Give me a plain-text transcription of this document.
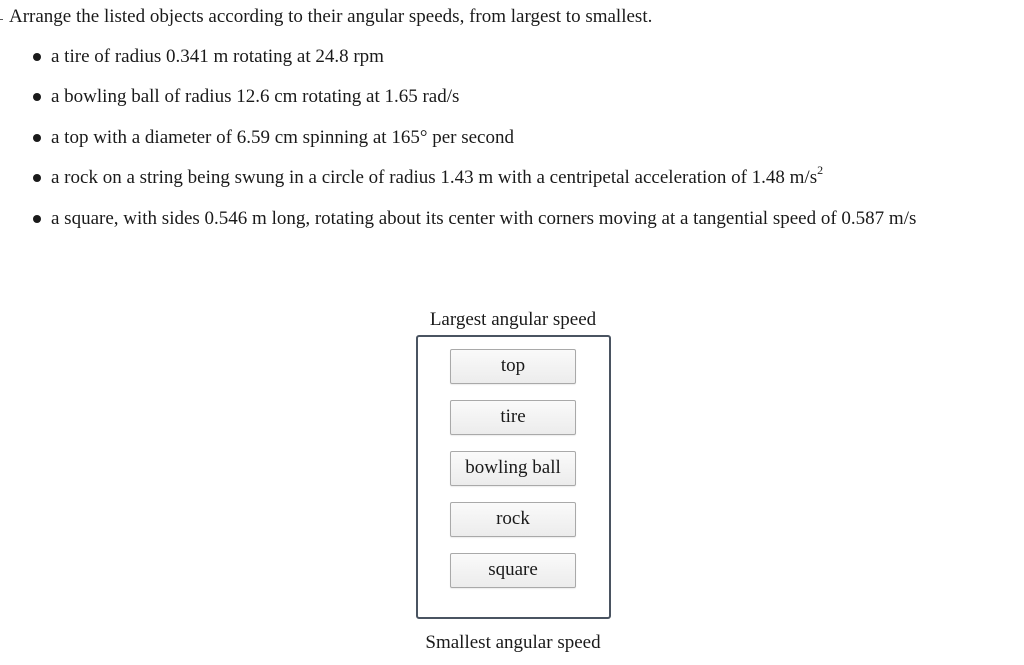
Arrange the listed objects according to their angular speeds, from largest to smallest.

a tire of radius 0.341 m rotating at 24.8 rpm
a bowling ball of radius 12.6 cm rotating at 1.65 rad/s
a top with a diameter of 6.59 cm spinning at 165° per second
a rock on a string being swung in a circle of radius 1.43 m with a centripetal acceleration of 1.48 $m/s^2$
a square, with sides 0.546 m long, rotating about its center with corners moving at a tangential speed of 0.587 m/s
Largest angular speed
top
tire
bowling ball
rock
square
Smallest angular speed
